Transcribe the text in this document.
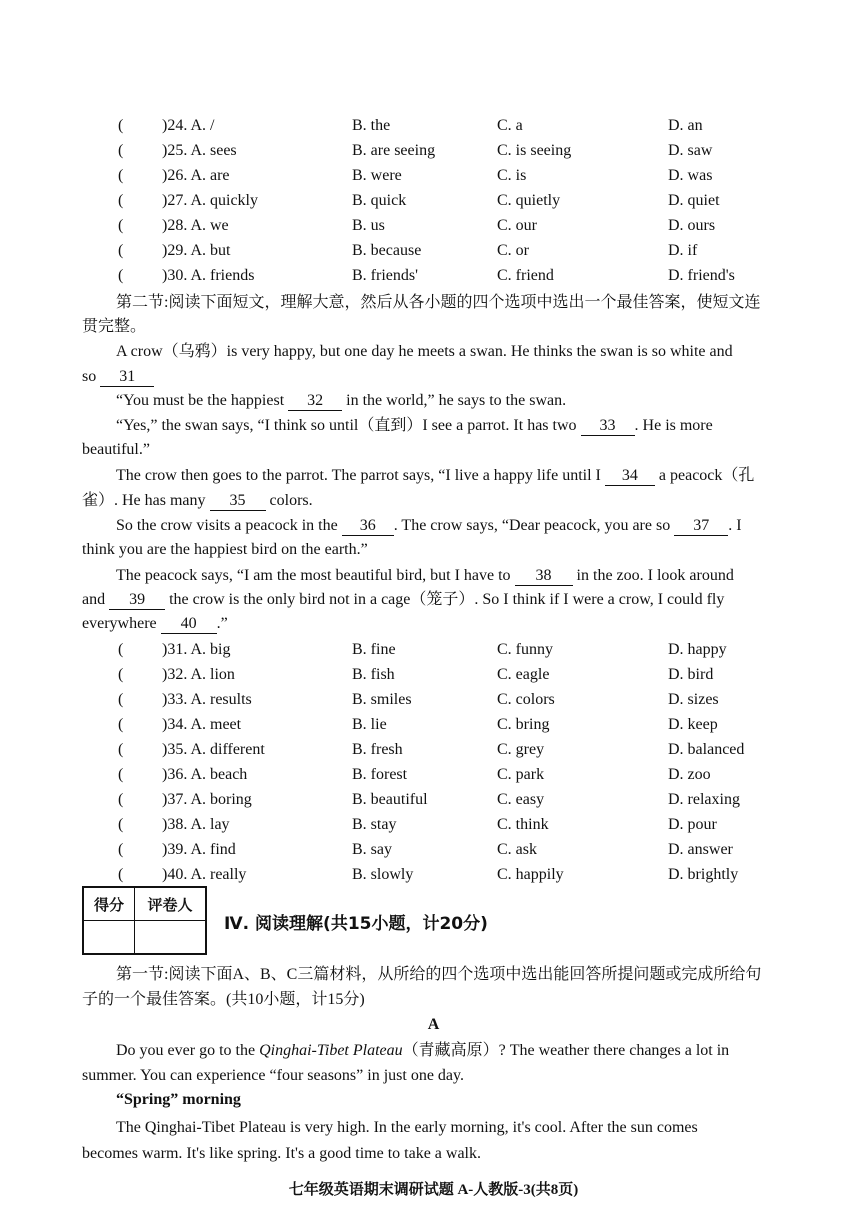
第二节:阅读下面短文，理解大意，然后从各小题的四个选项中选出一个最佳答案，使短文连
贯完整。
A crow（乌鸦）is very happy, but one day he meets a swan. He thinks the swan is so white and
so 31
“You must be the happiest 32 in the world,” he says to the swan.
“Yes,” the swan says, “I think so until（直到）I see a parrot. It has two 33 . He is more
beautiful.”
The crow then goes to the parrot. The parrot says, “I live a happy life until I 34 a peacock（孔
雀）. He has many 35 colors.
So the crow visits a peacock in the 36 . The crow says, “Dear peacock, you are so 37 . I
think you are the happiest bird on the earth.”
The peacock says, “I am the most beautiful bird, but I have to 38 in the zoo. I look around
and 39 the crow is the only bird not in a cage（笼子）. So I think if I were a crow, I could fly
everywhere 40 .”
得分	评卷人

Ⅳ. 阅读理解(共15小题，计20分)
第一节:阅读下面A、B、C三篇材料，从所给的四个选项中选出能回答所提问题或完成所给句
子的一个最佳答案。(共10小题，计15分)
A
Do you ever go to the Qinghai-Tibet Plateau（青藏高原）? The weather there changes a lot in
summer. You can experience “four seasons” in just one day.
“Spring” morning
The Qinghai-Tibet Plateau is very high. In the early morning, it's cool. After the sun comes
becomes warm. It's like spring. It's a good time to take a walk.
七年级英语期末调研试题 A-人教版-3(共8页)
( )24. A. /	B. the	C. a	D. an
( )25. A. sees	B. are seeing	C. is seeing	D. saw
( )26. A. are	B. were	C. is	D. was
( )27. A. quickly	B. quick	C. quietly	D. quiet
( )28. A. we	B. us	C. our	D. ours
( )29. A. but	B. because	C. or	D. if
( )30. A. friends	B. friends'	C. friend	D. friend's
( )31. A. big	B. fine	C. funny	D. happy
( )32. A. lion	B. fish	C. eagle	D. bird
( )33. A. results	B. smiles	C. colors	D. sizes
( )34. A. meet	B. lie	C. bring	D. keep
( )35. A. different	B. fresh	C. grey	D. balanced
( )36. A. beach	B. forest	C. park	D. zoo
( )37. A. boring	B. beautiful	C. easy	D. relaxing
( )38. A. lay	B. stay	C. think	D. pour
( )39. A. find	B. say	C. ask	D. answer
( )40. A. really	B. slowly	C. happily	D. brightly
